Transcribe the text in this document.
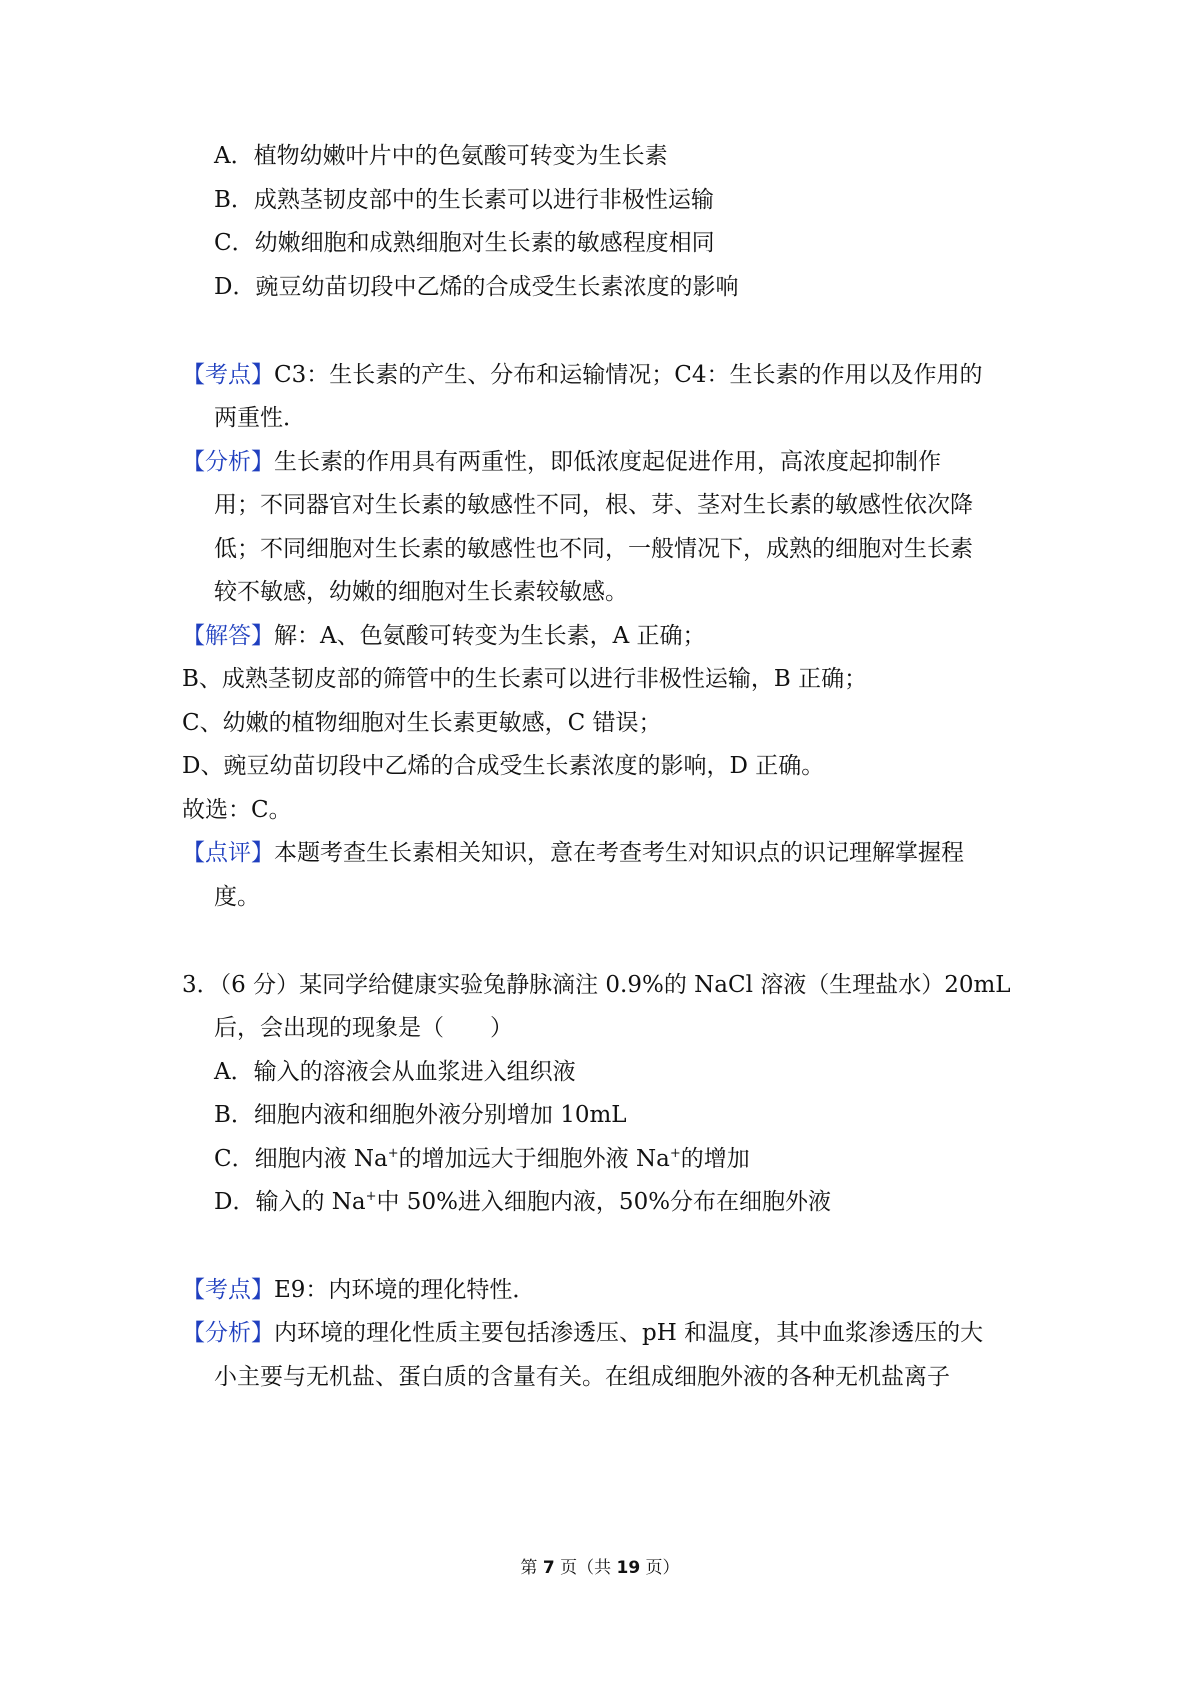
A．植物幼嫩叶片中的色氨酸可转变为生长素
B．成熟茎韧皮部中的生长素可以进行非极性运输
C．幼嫩细胞和成熟细胞对生长素的敏感程度相同
D．豌豆幼苗切段中乙烯的合成受生长素浓度的影响
【考点】C3：生长素的产生、分布和运输情况；C4：生长素的作用以及作用的
两重性．
【分析】生长素的作用具有两重性，即低浓度起促进作用，高浓度起抑制作
用；不同器官对生长素的敏感性不同，根、芽、茎对生长素的敏感性依次降
低；不同细胞对生长素的敏感性也不同，一般情况下，成熟的细胞对生长素
较不敏感，幼嫩的细胞对生长素较敏感。
【解答】解：A、色氨酸可转变为生长素，A 正确；
B、成熟茎韧皮部的筛管中的生长素可以进行非极性运输，B 正确；
C、幼嫩的植物细胞对生长素更敏感，C 错误；
D、豌豆幼苗切段中乙烯的合成受生长素浓度的影响，D 正确。
故选：C。
【点评】本题考查生长素相关知识，意在考查考生对知识点的识记理解掌握程
度。
3．（6 分）某同学给健康实验兔静脉滴注 0.9%的 NaCl 溶液（生理盐水）20mL
后，会出现的现象是（　　）
A．输入的溶液会从血浆进入组织液
B．细胞内液和细胞外液分别增加 10mL
C．细胞内液 Na+的增加远大于细胞外液 Na+的增加
D．输入的 Na+中 50%进入细胞内液，50%分布在细胞外液
【考点】E9：内环境的理化特性．
【分析】内环境的理化性质主要包括渗透压、pH 和温度，其中血浆渗透压的大
小主要与无机盐、蛋白质的含量有关。在组成细胞外液的各种无机盐离子
第 7 页（共 19 页）
